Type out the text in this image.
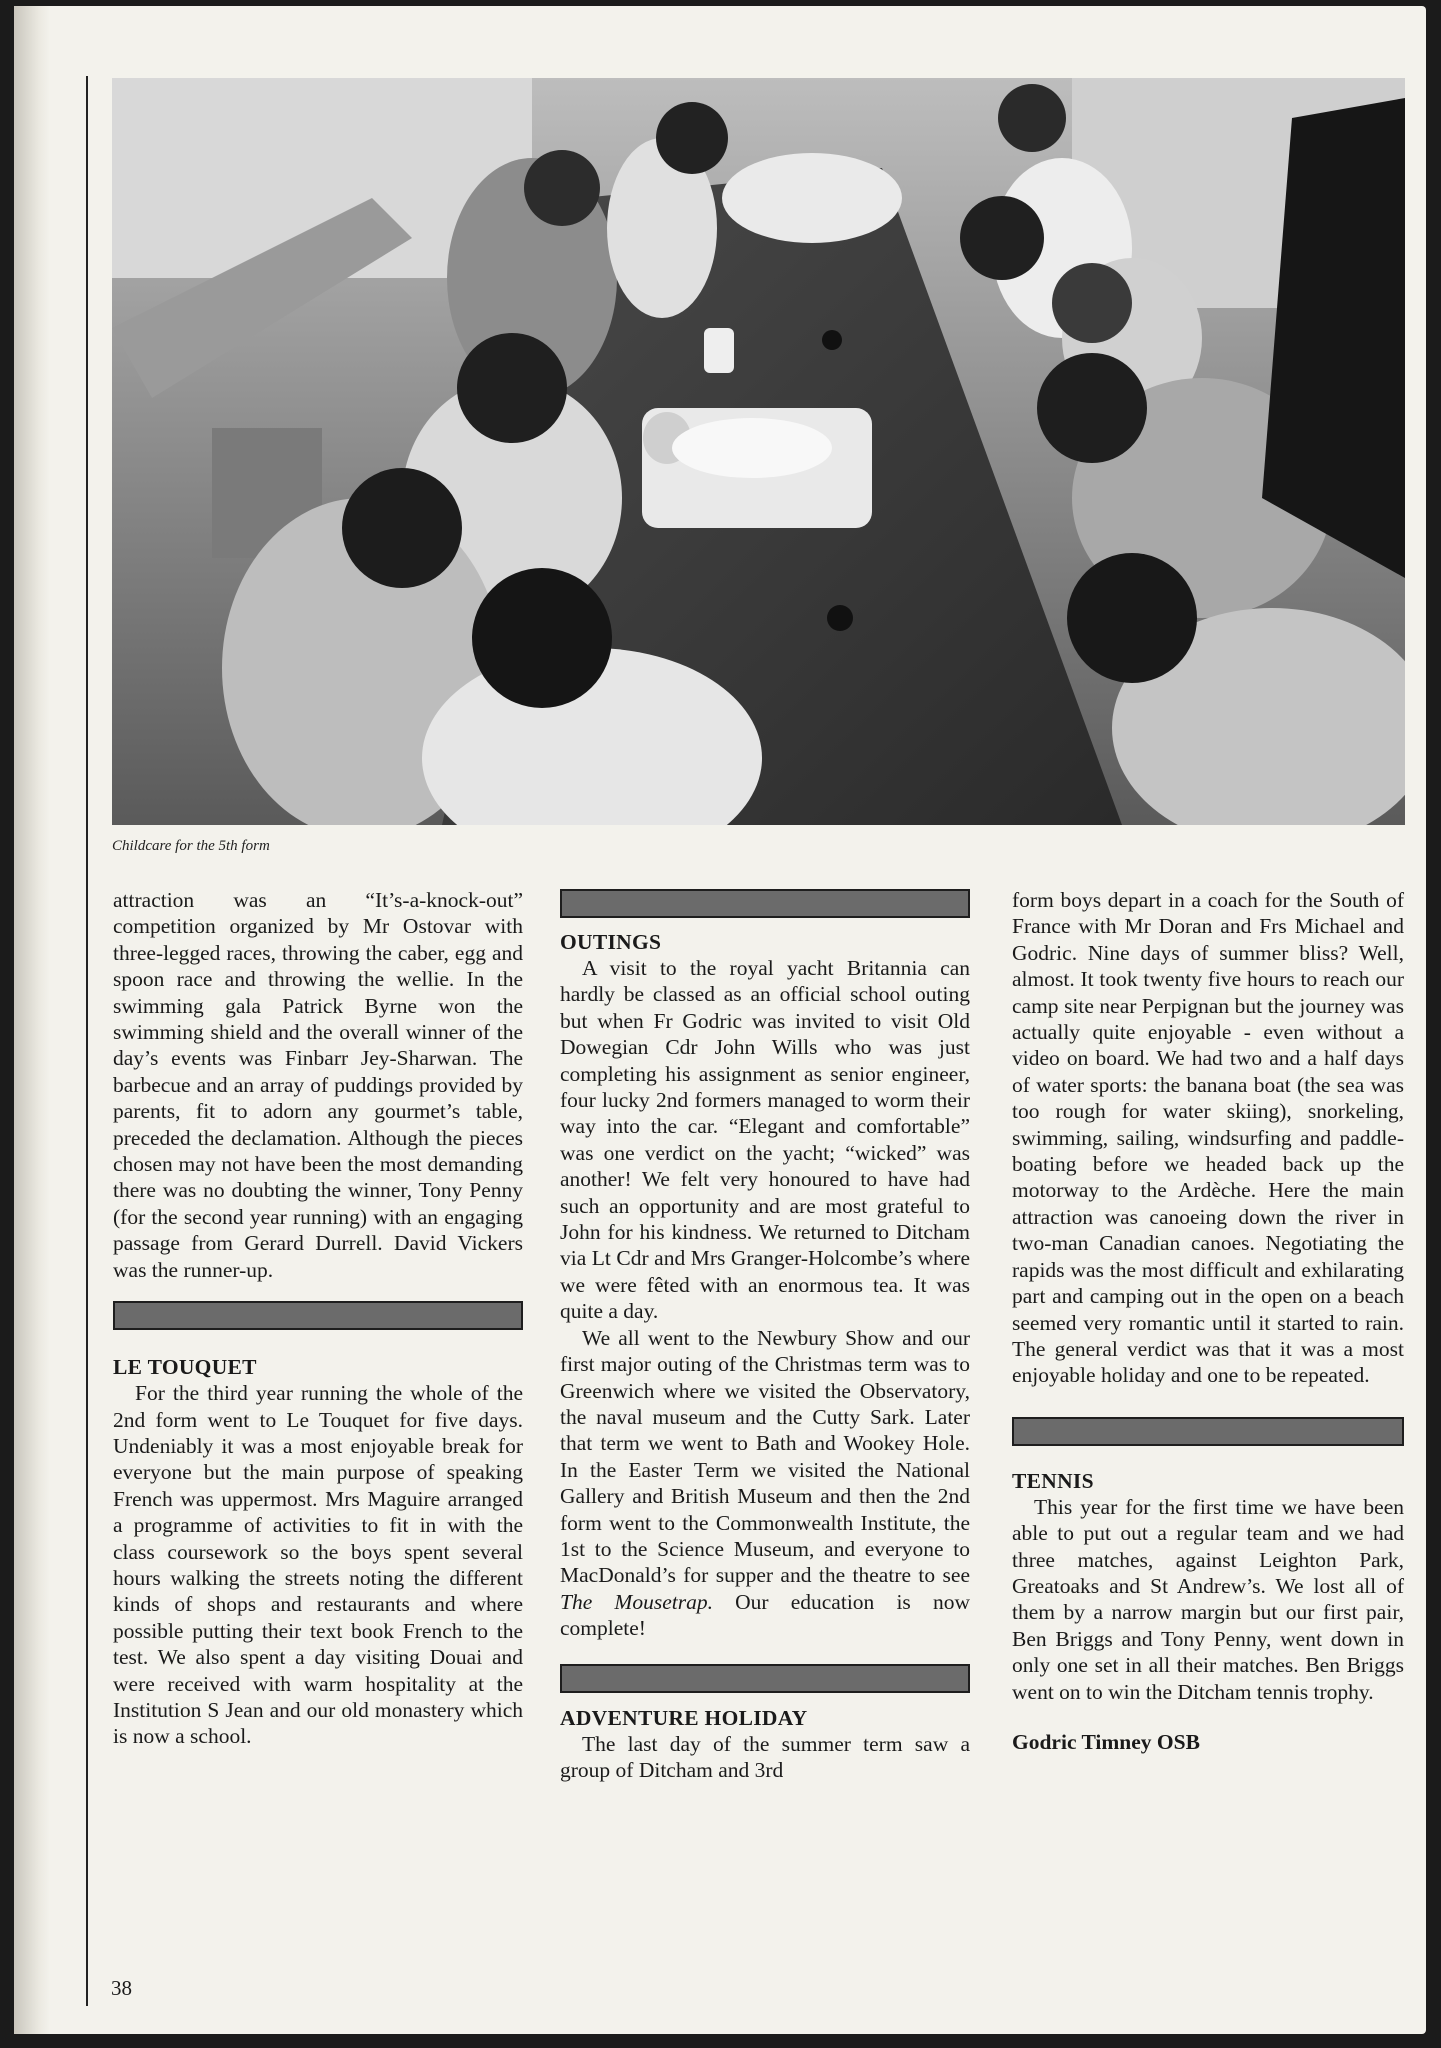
Childcare for the 5th form

attraction was an “It’s-a-knock-out” competition organized by Mr Ostovar with three-legged races, throwing the caber, egg and spoon race and throwing the wellie. In the swimming gala Patrick Byrne won the swimming shield and the overall winner of the day’s events was Finbarr Jey-Sharwan. The barbecue and an array of puddings provided by parents, fit to adorn any gourmet’s table, preceded the declamation. Although the pieces chosen may not have been the most demanding there was no doubting the winner, Tony Penny (for the second year running) with an engaging passage from Gerard Durrell. David Vickers was the runner-up.

LE TOUQUET

For the third year running the whole of the 2nd form went to Le Touquet for five days. Undeniably it was a most enjoyable break for everyone but the main purpose of speaking French was uppermost. Mrs Maguire arranged a programme of activities to fit in with the class coursework so the boys spent several hours walking the streets noting the different kinds of shops and restaurants and where possible putting their text book French to the test. We also spent a day visiting Douai and were received with warm hospitality at the Institution S Jean and our old monastery which is now a school.

OUTINGS

A visit to the royal yacht Britannia can hardly be classed as an official school outing but when Fr Godric was invited to visit Old Dowegian Cdr John Wills who was just completing his assignment as senior engineer, four lucky 2nd formers managed to worm their way into the car. “Elegant and comfortable” was one verdict on the yacht; “wicked” was another! We felt very honoured to have had such an opportunity and are most grateful to John for his kindness. We returned to Ditcham via Lt Cdr and Mrs Granger-Holcombe’s where we were fêted with an enormous tea. It was quite a day.

We all went to the Newbury Show and our first major outing of the Christmas term was to Greenwich where we visited the Observatory, the naval museum and the Cutty Sark. Later that term we went to Bath and Wookey Hole. In the Easter Term we visited the National Gallery and British Museum and then the 2nd form went to the Commonwealth Institute, the 1st to the Science Museum, and everyone to MacDonald’s for supper and the theatre to see The Mousetrap. Our education is now complete!

ADVENTURE HOLIDAY

The last day of the summer term saw a group of Ditcham and 3rd

form boys depart in a coach for the South of France with Mr Doran and Frs Michael and Godric. Nine days of summer bliss? Well, almost. It took twenty five hours to reach our camp site near Perpignan but the journey was actually quite enjoyable - even without a video on board. We had two and a half days of water sports: the banana boat (the sea was too rough for water skiing), snorkeling, swimming, sailing, windsurfing and paddle-boating before we headed back up the motorway to the Ardèche. Here the main attraction was canoeing down the river in two-man Canadian canoes. Negotiating the rapids was the most difficult and exhilarating part and camping out in the open on a beach seemed very romantic until it started to rain. The general verdict was that it was a most enjoyable holiday and one to be repeated.

TENNIS

This year for the first time we have been able to put out a regular team and we had three matches, against Leighton Park, Greatoaks and St Andrew’s. We lost all of them by a narrow margin but our first pair, Ben Briggs and Tony Penny, went down in only one set in all their matches. Ben Briggs went on to win the Ditcham tennis trophy.

Godric Timney OSB

38
